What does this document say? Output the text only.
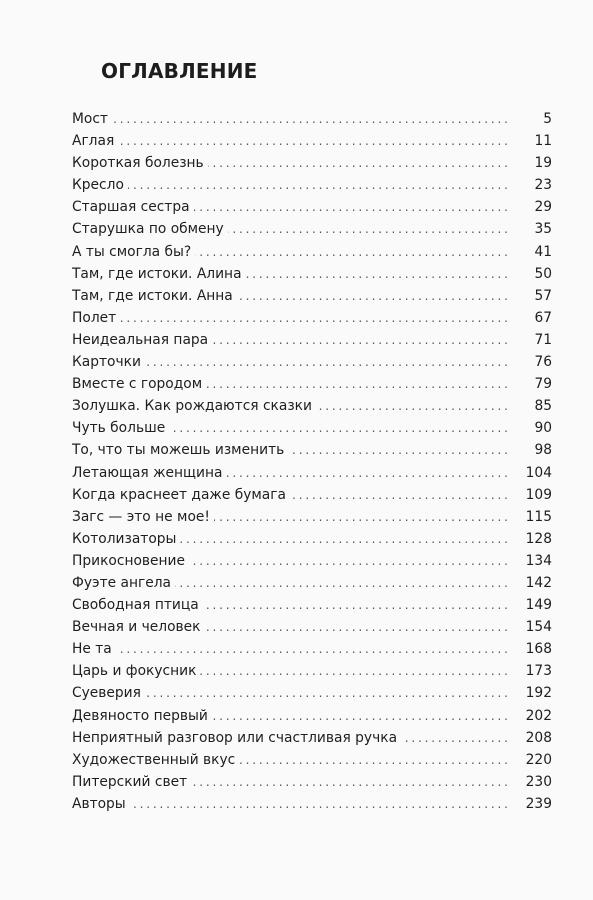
ОГЛАВЛЕНИЕ
Мост . . .	5
Аглая . . .	11
Короткая болезнь . . .	19
Кресло . . .	23
Старшая сестра . . .	29
Старушка по обмену . . .	35
А ты смогла бы? . . .	41
Там, где истоки. Алина . . .	50
Там, где истоки. Анна . . .	57
Полет . . .	67
Неидеальная пара . . .	71
Карточки . . .	76
Вместе с городом . . .	79
Золушка. Как рождаются сказки . . .	85
Чуть больше . . .	90
То, что ты можешь изменить . . .	98
Летающая женщина . . .	104
Когда краснеет даже бумага . . .	109
Загс — это не мое! . . .	115
Котолизаторы . . .	128
Прикосновение . . .	134
Фуэте ангела . . .	142
Свободная птица . . .	149
Вечная и человек . . .	154
Не та . . .	168
Царь и фокусник . . .	173
Суеверия . . .	192
Девяносто первый . . .	202
Неприятный разговор или счастливая ручка . . .	208
Художественный вкус . . .	220
Питерский свет . . .	230
Авторы . . .	239
